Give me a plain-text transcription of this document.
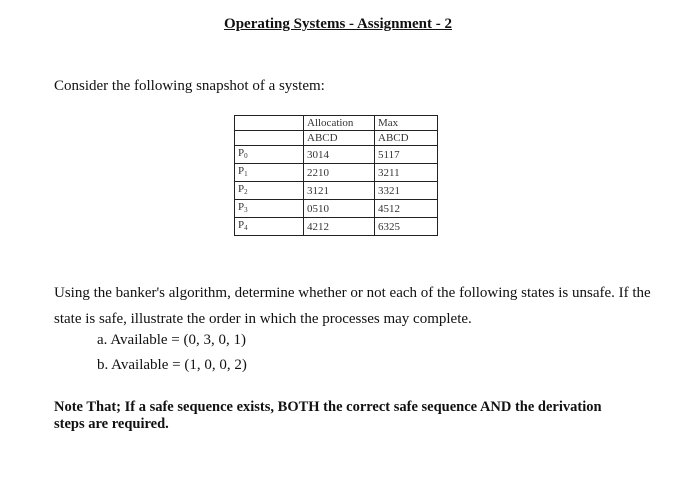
Operating Systems - Assignment - 2
Consider the following snapshot of a system:
	Allocation	Max
	ABCD	ABCD
$P_0$	3014	5117
$P_1$	2210	3211
$P_2$	3121	3321
$P_3$	0510	4512
$P_4$	4212	6325
Using the banker's algorithm, determine whether or not each of the following states is unsafe. If the state is safe, illustrate the order in which the processes may complete.
a. Available = (0, 3, 0, 1)
b. Available = (1, 0, 0, 2)
Note That; If a safe sequence exists, BOTH the correct safe sequence AND the derivation steps are required.
